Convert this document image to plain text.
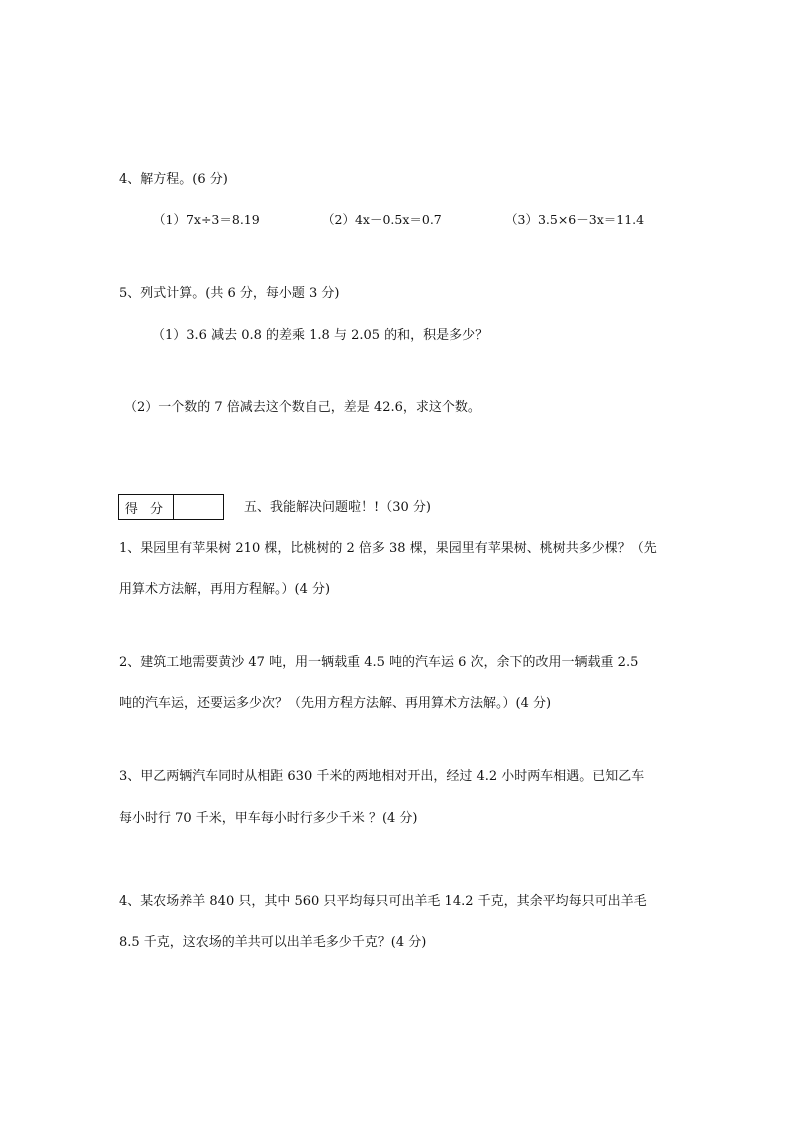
4、解方程。(6 分)
（1）7x÷3＝8.19	（2）4x－0.5x＝0.7	（3）3.5×6－3x＝11.4
5、列式计算。(共 6 分，每小题 3 分)
（1）3.6 减去 0.8 的差乘 1.8 与 2.05 的和，积是多少？
（2）一个数的 7 倍减去这个数自己，差是 42.6，求这个数。
得 分	五、我能解决问题啦！!（30 分)
1、果园里有苹果树 210 棵，比桃树的 2 倍多 38 棵，果园里有苹果树、桃树共多少棵？（先
用算术方法解，再用方程解。）(4 分)
2、建筑工地需要黄沙 47 吨，用一辆载重 4.5 吨的汽车运 6 次，余下的改用一辆载重 2.5
吨的汽车运，还要运多少次？（先用方程方法解、再用算术方法解。）(4 分)
3、甲乙两辆汽车同时从相距 630 千米的两地相对开出，经过 4.2 小时两车相遇。已知乙车
每小时行 70 千米，甲车每小时行多少千米 ？(4 分)
4、某农场养羊 840 只，其中 560 只平均每只可出羊毛 14.2 千克，其余平均每只可出羊毛
8.5 千克，这农场的羊共可以出羊毛多少千克？(4 分)
